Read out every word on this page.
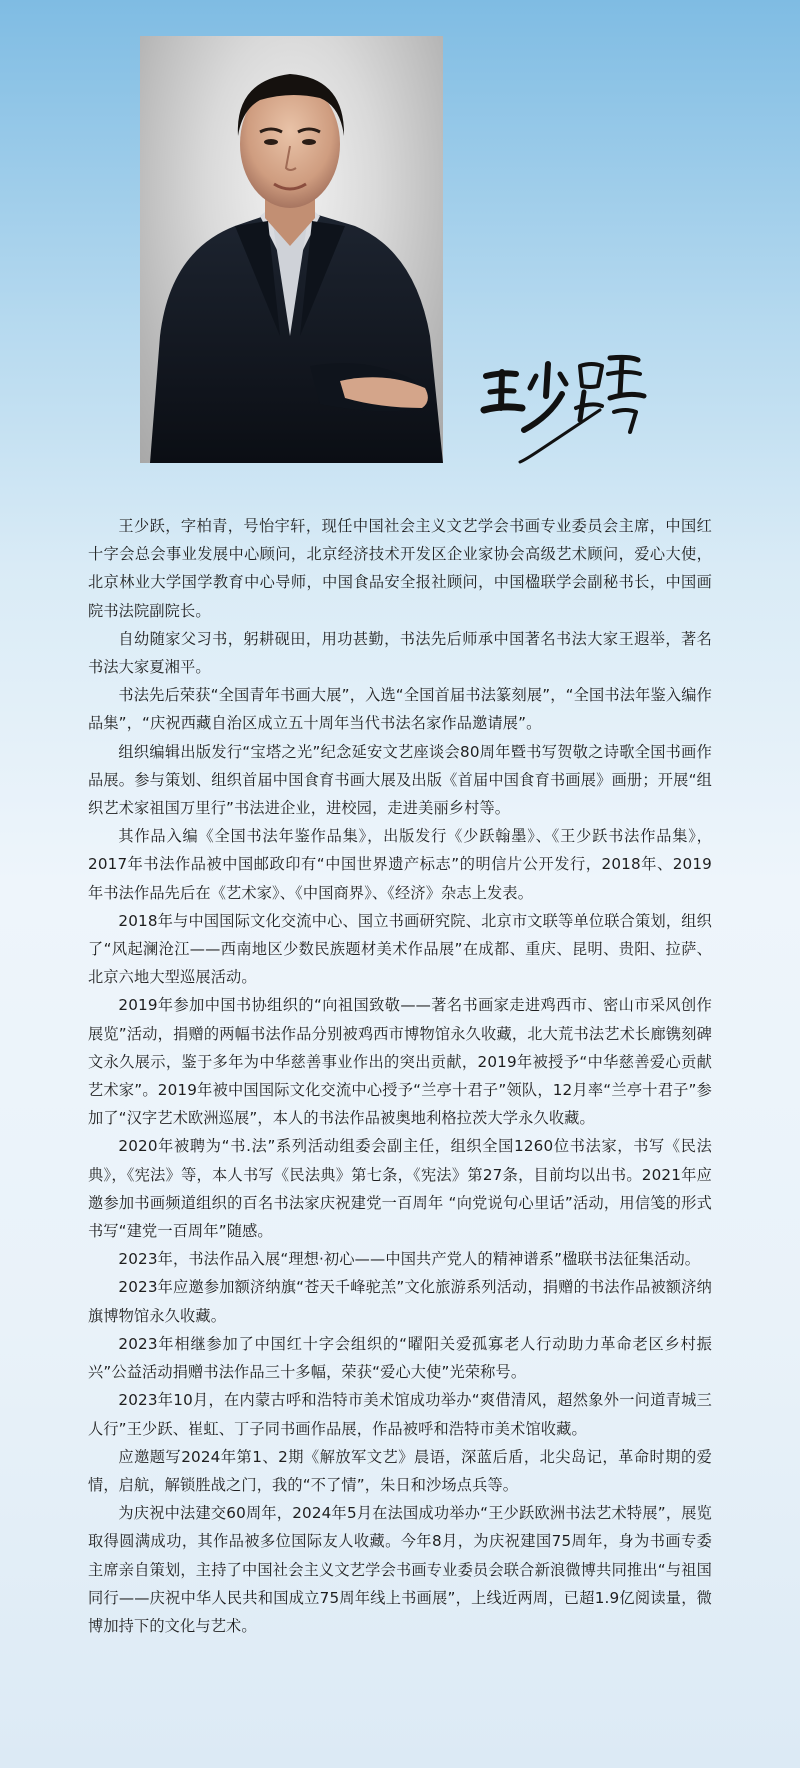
王少跃，字柏青，号怡宇轩，现任中国社会主义文艺学会书画专业委员会主席，中国红十字会总会事业发展中心顾问，北京经济技术开发区企业家协会高级艺术顾问，爱心大使，北京林业大学国学教育中心导师，中国食品安全报社顾问，中国楹联学会副秘书长，中国画院书法院副院长。

自幼随家父习书，躬耕砚田，用功甚勤，书法先后师承中国著名书法大家王遐举，著名书法大家夏湘平。

书法先后荣获“全国青年书画大展”，入选“全国首届书法篆刻展”，“全国书法年鉴入编作品集”，“庆祝西藏自治区成立五十周年当代书法名家作品邀请展”。

组织编辑出版发行“宝塔之光”纪念延安文艺座谈会80周年暨书写贺敬之诗歌全国书画作品展。参与策划、组织首届中国食育书画大展及出版《首届中国食育书画展》画册；开展“组织艺术家祖国万里行”书法进企业，进校园，走进美丽乡村等。

其作品入编《全国书法年鉴作品集》，出版发行《少跃翰墨》、《王少跃书法作品集》，2017年书法作品被中国邮政印有“中国世界遗产标志”的明信片公开发行，2018年、2019年书法作品先后在《艺术家》、《中国商界》、《经济》杂志上发表。

2018年与中国国际文化交流中心、国立书画研究院、北京市文联等单位联合策划，组织了“风起澜沧江——西南地区少数民族题材美术作品展”在成都、重庆、昆明、贵阳、拉萨、北京六地大型巡展活动。

2019年参加中国书协组织的“向祖国致敬——著名书画家走进鸡西市、密山市采风创作展览”活动，捐赠的两幅书法作品分别被鸡西市博物馆永久收藏，北大荒书法艺术长廊镌刻碑文永久展示，鉴于多年为中华慈善事业作出的突出贡献，2019年被授予“中华慈善爱心贡献艺术家”。2019年被中国国际文化交流中心授予“兰亭十君子”领队，12月率“兰亭十君子”参加了“汉字艺术欧洲巡展”，本人的书法作品被奥地利格拉茨大学永久收藏。

2020年被聘为“书.法”系列活动组委会副主任，组织全国1260位书法家，书写《民法典》，《宪法》等，本人书写《民法典》第七条，《宪法》第27条，目前均以出书。2021年应邀参加书画频道组织的百名书法家庆祝建党一百周年 “向党说句心里话”活动，用信笺的形式书写“建党一百周年”随感。

2023年，书法作品入展“理想·初心——中国共产党人的精神谱系”楹联书法征集活动。

2023年应邀参加额济纳旗“苍天千峰驼羔”文化旅游系列活动，捐赠的书法作品被额济纳旗博物馆永久收藏。

2023年相继参加了中国红十字会组织的“曜阳关爱孤寡老人行动助力革命老区乡村振兴”公益活动捐赠书法作品三十多幅，荣获“爱心大使”光荣称号。

2023年10月，在内蒙古呼和浩特市美术馆成功举办“爽借清风，超然象外一问道青城三人行”王少跃、崔虹、丁子同书画作品展，作品被呼和浩特市美术馆收藏。

应邀题写2024年第1、2期《解放军文艺》晨语，深蓝后盾，北尖岛记，革命时期的爱情，启航，解锁胜战之门，我的“不了情”，朱日和沙场点兵等。

为庆祝中法建交60周年，2024年5月在法国成功举办“王少跃欧洲书法艺术特展”，展览取得圆满成功，其作品被多位国际友人收藏。今年8月，为庆祝建国75周年，身为书画专委主席亲自策划，主持了中国社会主义文艺学会书画专业委员会联合新浪微博共同推出“与祖国同行——庆祝中华人民共和国成立75周年线上书画展”，上线近两周，已超1.9亿阅读量，微博加持下的文化与艺术。
